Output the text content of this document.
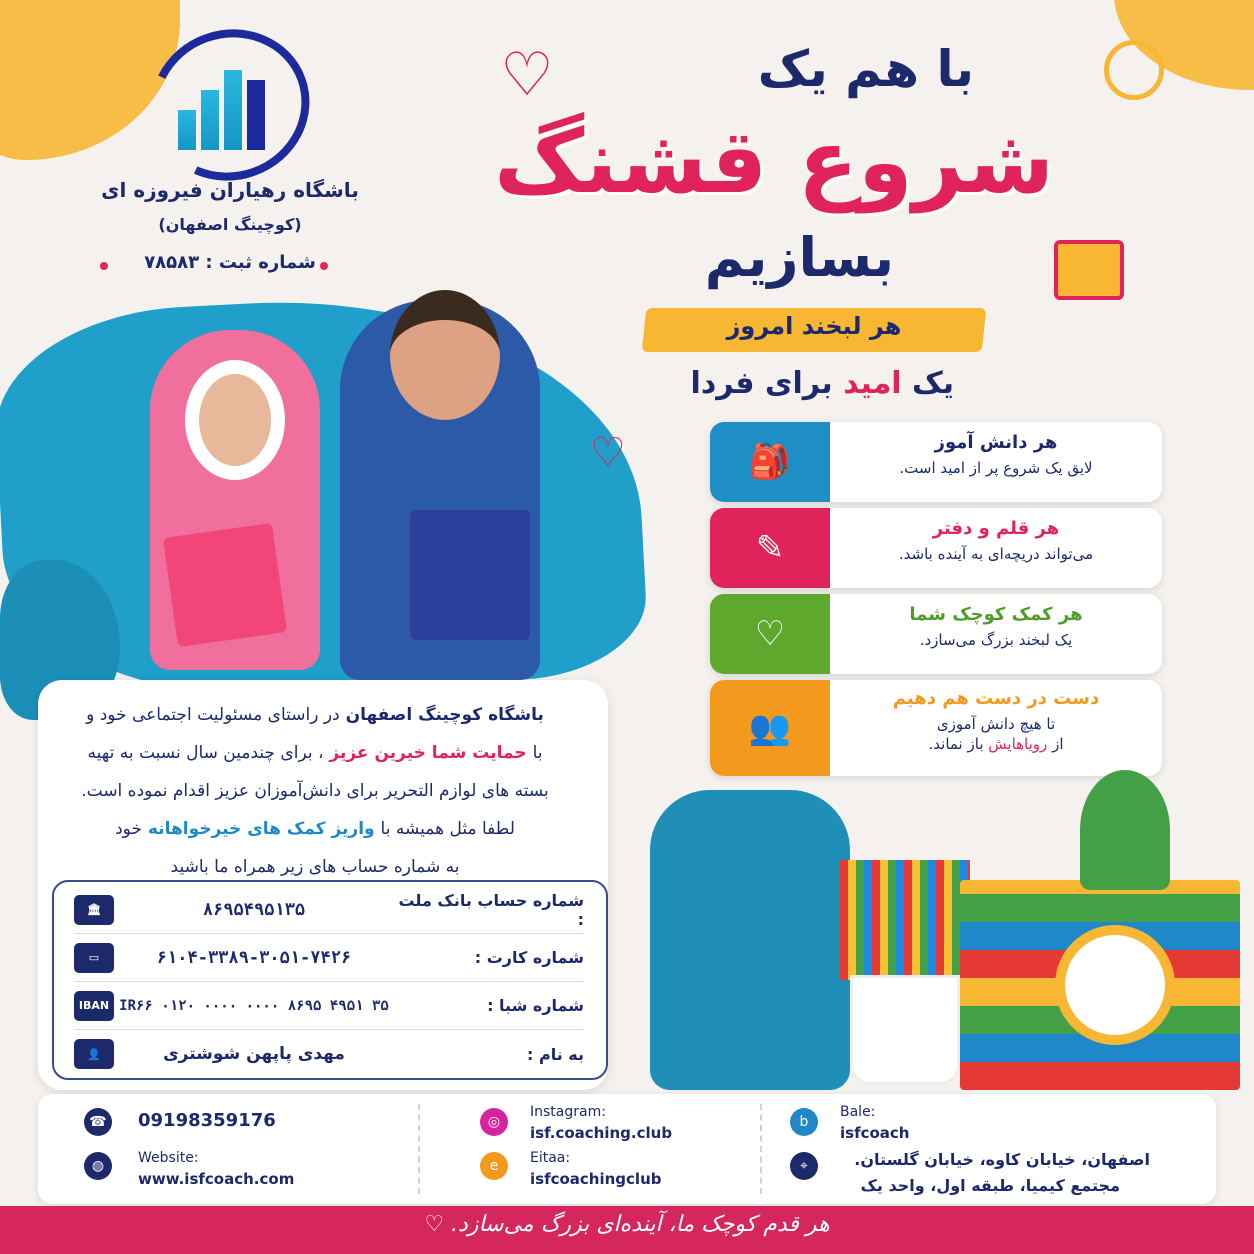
باشگاه رهیاران فیروزه ای
(کوچینگ اصفهان)
شماره ثبت : ۷۸۵۸۳
♡	با هم یک
شروع قشنگ
بسازیم
هر لبخند امروز
یک امید برای فردا
♡	🎒	هر دانش آموز
لایق یک شروع پر از امید است.
✎	هر قلم و دفتر
می‌تواند دریچه‌ای به آینده باشد.
♡	هر کمک کوچک شما
یک لبخند بزرگ می‌سازد.
👥
دست در دست هم دهیم
تا هیچ دانش آموزی
از رویاهایش باز نماند.
باشگاه کوچینگ اصفهان در راستای مسئولیت اجتماعی خود و
با حمایت شما خیرین عزیز ، برای چندمین سال نسبت به تهیه
بسته های لوازم التحریر برای دانش‌آموزان عزیز اقدام نموده است.
لطفا مثل همیشه با واریز کمک های خیرخواهانه خود
به شماره حساب های زیر همراه ما باشید
شماره حساب بانک ملت :
۸۶۹۵۴۹۵۱۳۵
🏛
شماره کارت :
۶۱۰۴-۳۳۸۹-۳۰۵۱-۷۴۲۶
▭
شماره شبا :
IR۶۶ ۰۱۲۰ ۰۰۰۰ ۰۰۰۰ ۸۶۹۵ ۴۹۵۱ ۳۵
IBAN
به نام :
مهدی پاپهن شوشتری
👤
☎ 09198359176
◍	Website:
www.isfcoach.com
◎
Instagram:
isf.coaching.club
e	Eitaa:
isfcoachingclub
b
Bale:
isfcoach
⌖	اصفهان، خیابان کاوه، خیابان گلستان.
مجتمع کیمیا، طبقه اول، واحد یک
هر قدم کوچک ما، آینده‌ای بزرگ می‌سازد. ♡
